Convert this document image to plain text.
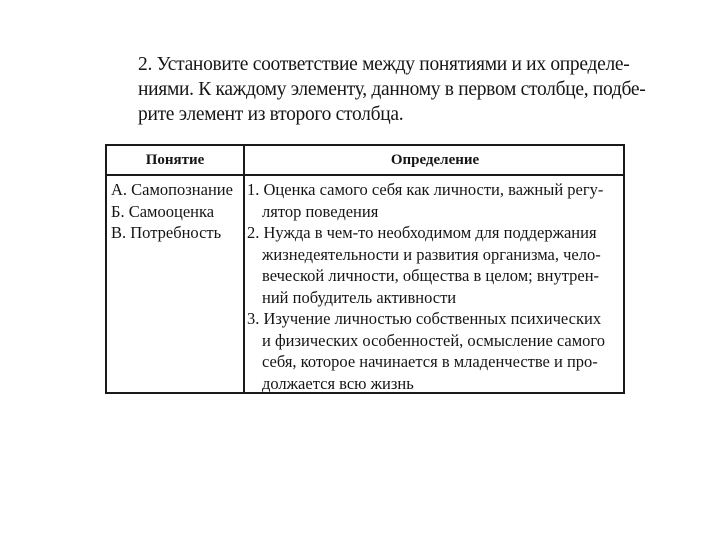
2. Установите соответствие между понятиями и их определе-
ниями. К каждому элементу, данному в первом столбце, подбе-
рите элемент из второго столбца.
Понятие	Определение
А. Самопознание
Б. Самооценка
В. Потребность
1. Оценка самого себя как личности, важный регу-
лятор поведения
2. Нужда в чем-то необходимом для поддержания
жизнедеятельности и развития организма, чело-
веческой личности, общества в целом; внутрен-
ний побудитель активности
3. Изучение личностью собственных психических
и физических особенностей, осмысление самого
себя, которое начинается в младенчестве и про-
должается всю жизнь
